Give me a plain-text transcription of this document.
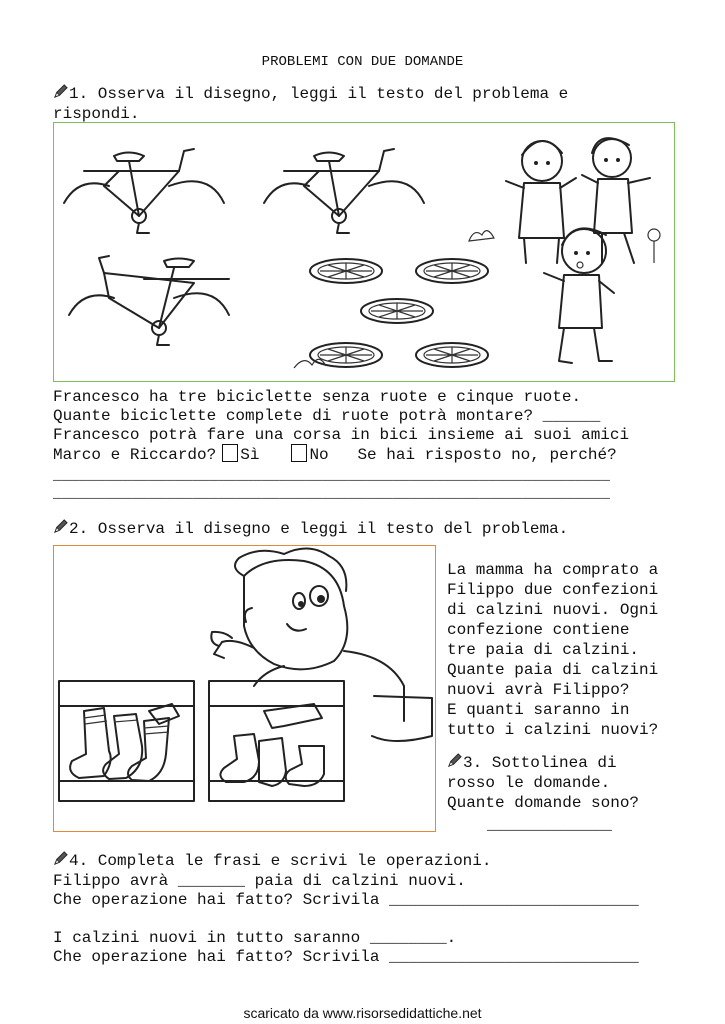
PROBLEMI CON DUE DOMANDE
1. Osserva il disegno, leggi il testo del problema e
rispondi.
Francesco ha tre biciclette senza ruote e cinque ruote.
Quante biciclette complete di ruote potrà montare? ______
Francesco potrà fare una corsa in bici insieme ai suoi amici
Marco e Riccardo? Sì	No Se hai risposto no, perché?
________________________________________________________________
________________________________________________________________
2. Osserva il disegno e leggi il testo del problema.
La mamma ha comprato a
Filippo due confezioni
di calzini nuovi. Ogni
confezione contiene
tre paia di calzini.
Quante paia di calzini
nuovi avrà Filippo?
E quanti saranno in
tutto i calzini nuovi?
3. Sottolinea di
rosso le domande.
Quante domande sono?
_____________
4. Completa le frasi e scrivi le operazioni.
Filippo avrà _______ paia di calzini nuovi.
Che operazione hai fatto? Scrivila __________________________
I calzini nuovi in tutto saranno ________.
Che operazione hai fatto? Scrivila __________________________
scaricato da www.risorsedidattiche.net
